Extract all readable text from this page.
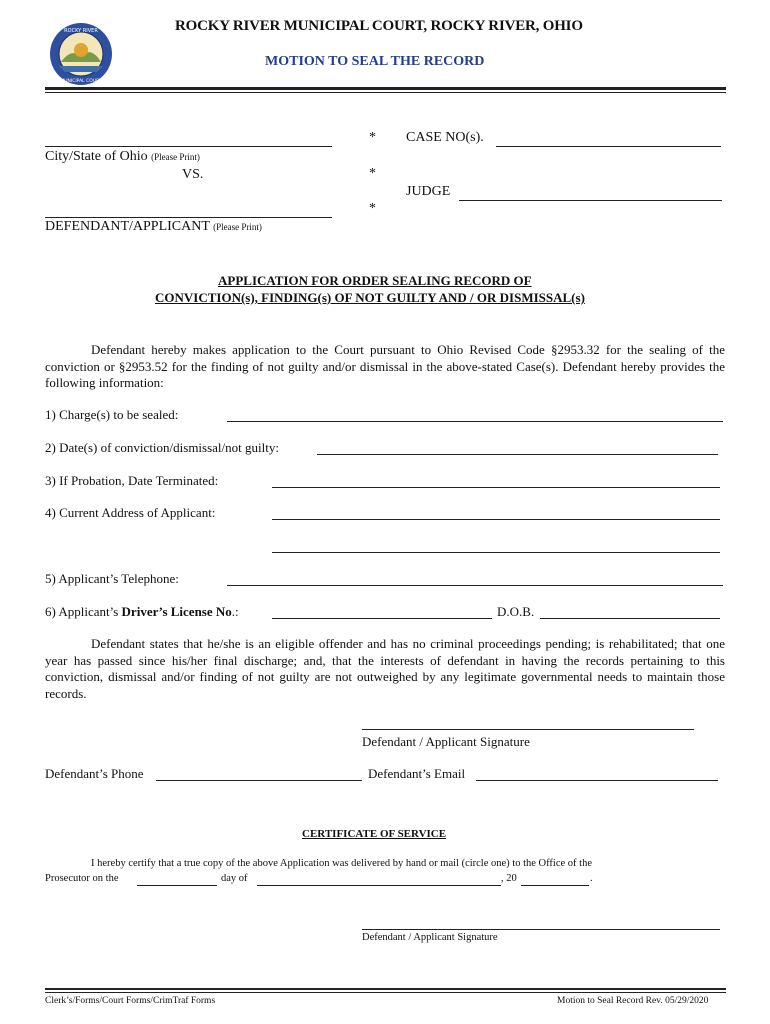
ROCKY RIVER
MUNICIPAL COURT
ROCKY RIVER MUNICIPAL COURT, ROCKY RIVER, OHIO
MOTION TO SEAL THE RECORD
City/State of Ohio (Please Print)
VS.
DEFENDANT/APPLICANT (Please Print)
*
*
*
CASE NO(s).
JUDGE
APPLICATION FOR ORDER SEALING RECORD OF
CONVICTION(s), FINDING(s) OF NOT GUILTY AND / OR DISMISSAL(s)
Defendant hereby makes application to the Court pursuant to Ohio Revised Code §2953.32 for the sealing of the conviction or §2953.52 for the finding of not guilty and/or dismissal in the above-stated Case(s). Defendant hereby provides the following information:
1) Charge(s) to be sealed:
2) Date(s) of conviction/dismissal/not guilty:
3) If Probation, Date Terminated:
4) Current Address of Applicant:
5) Applicant’s Telephone:
6) Applicant’s Driver’s License No.:	D.O.B.
Defendant states that he/she is an eligible offender and has no criminal proceedings pending; is rehabilitated; that one year has passed since his/her final discharge; and, that the interests of defendant in having the records pertaining to this conviction, dismissal and/or finding of not guilty are not outweighed by any legitimate governmental needs to maintain those records.
Defendant / Applicant Signature
Defendant’s Phone	Defendant’s Email
CERTIFICATE OF SERVICE
I hereby certify that a true copy of the above Application was delivered by hand or mail (circle one) to the Office of the
Prosecutor on the	day of	, 20	.
Defendant / Applicant Signature
Clerk’s/Forms/Court Forms/CrimTraf Forms	Motion to Seal Record Rev. 05/29/2020
